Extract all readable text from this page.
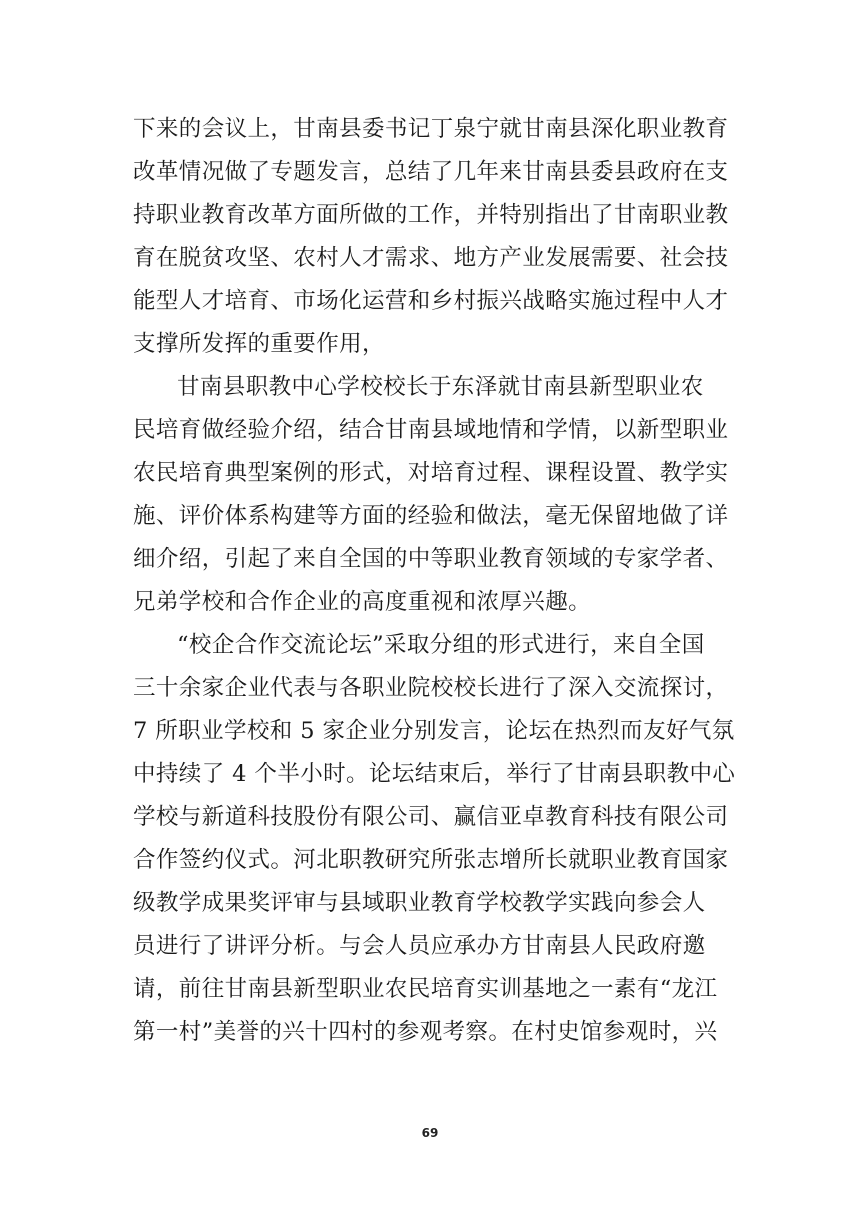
下来的会议上，甘南县委书记丁泉宁就甘南县深化职业教育
改革情况做了专题发言，总结了几年来甘南县委县政府在支
持职业教育改革方面所做的工作，并特别指出了甘南职业教
育在脱贫攻坚、农村人才需求、地方产业发展需要、社会技
能型人才培育、市场化运营和乡村振兴战略实施过程中人才
支撑所发挥的重要作用，
甘南县职教中心学校校长于东泽就甘南县新型职业农
民培育做经验介绍，结合甘南县域地情和学情，以新型职业
农民培育典型案例的形式，对培育过程、课程设置、教学实
施、评价体系构建等方面的经验和做法，毫无保留地做了详
细介绍，引起了来自全国的中等职业教育领域的专家学者、
兄弟学校和合作企业的高度重视和浓厚兴趣。
“校企合作交流论坛”采取分组的形式进行，来自全国
三十余家企业代表与各职业院校校长进行了深入交流探讨，
7 所职业学校和 5 家企业分别发言，论坛在热烈而友好气氛
中持续了 4 个半小时。论坛结束后，举行了甘南县职教中心
学校与新道科技股份有限公司、赢信亚卓教育科技有限公司
合作签约仪式。河北职教研究所张志增所长就职业教育国家
级教学成果奖评审与县域职业教育学校教学实践向参会人
员进行了讲评分析。与会人员应承办方甘南县人民政府邀
请，前往甘南县新型职业农民培育实训基地之一素有“龙江
第一村”美誉的兴十四村的参观考察。在村史馆参观时，兴
69
